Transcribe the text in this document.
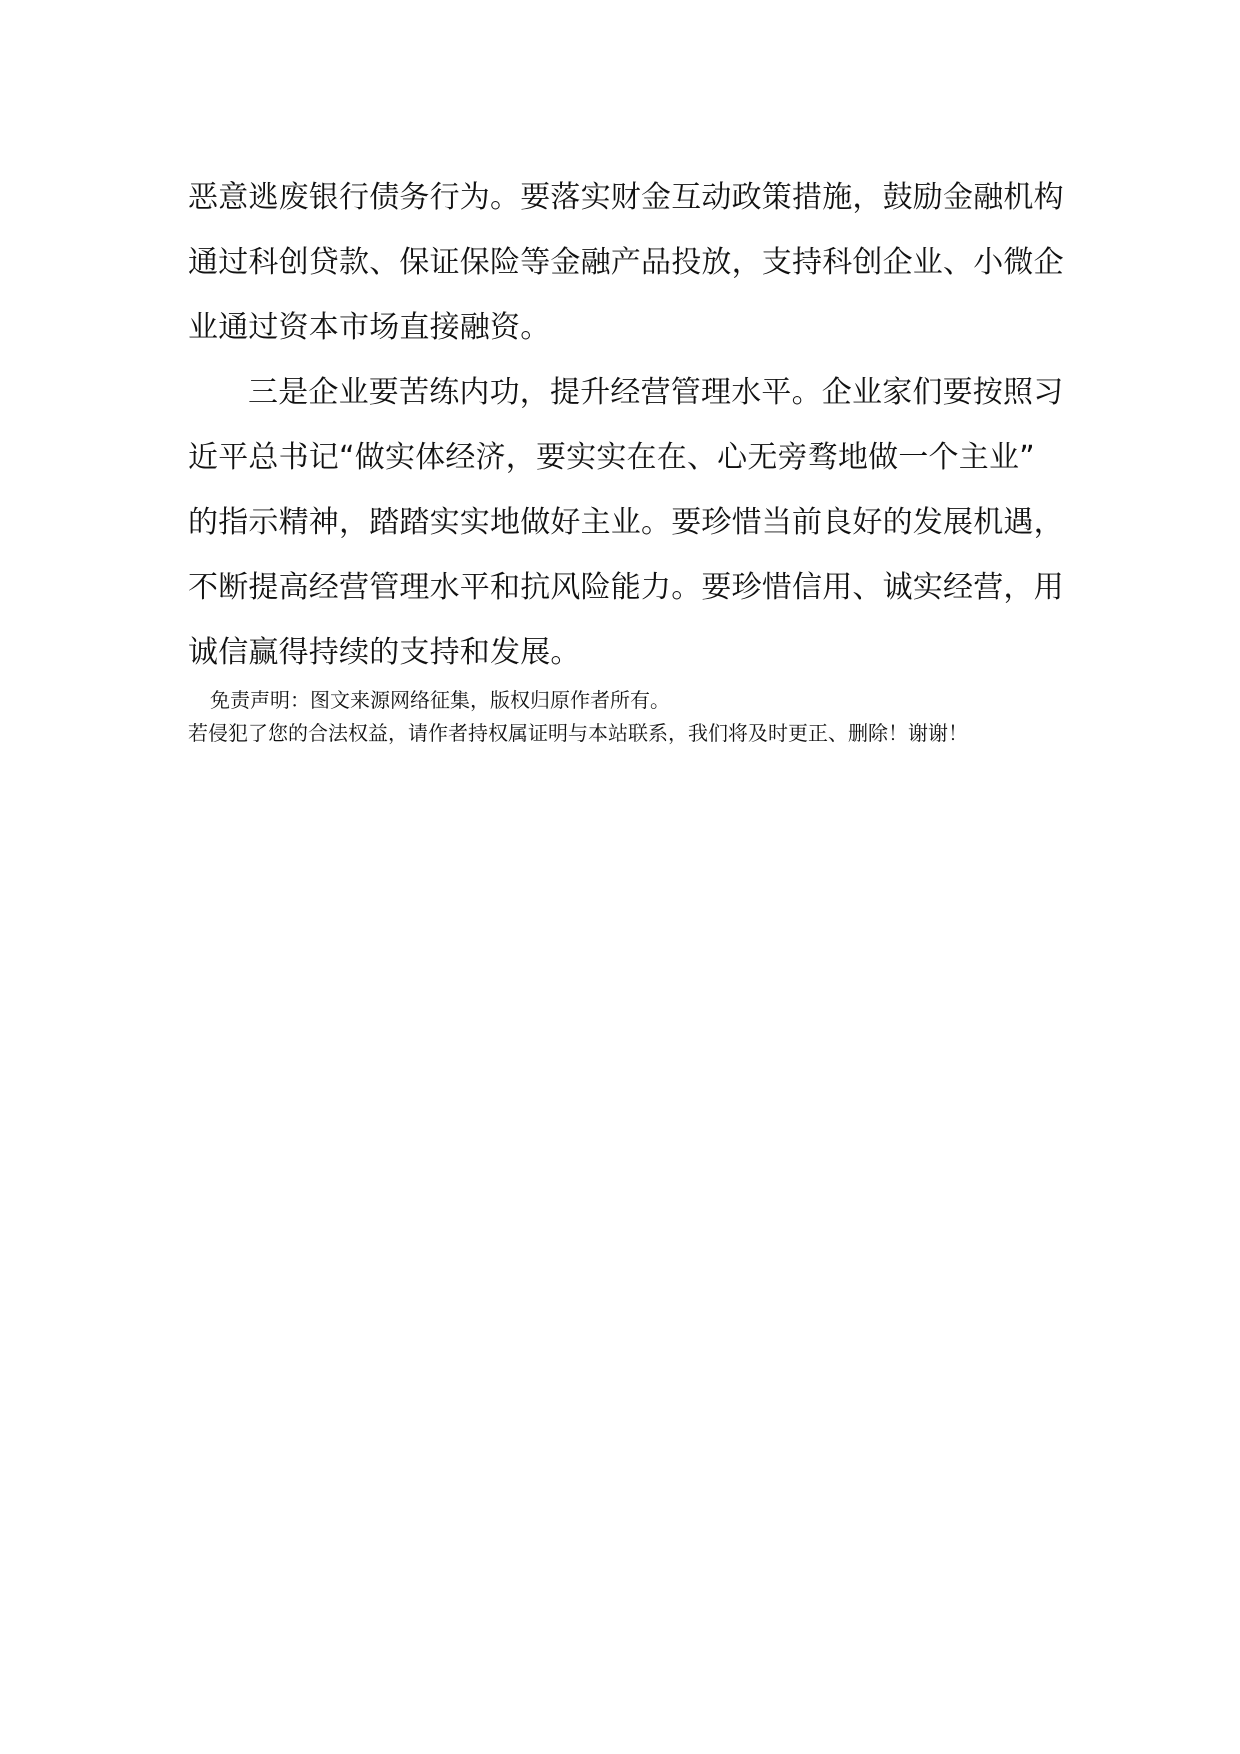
恶意逃废银行债务行为。要落实财金互动政策措施，鼓励金融机构
通过科创贷款、保证保险等金融产品投放，支持科创企业、小微企
业通过资本市场直接融资。
三是企业要苦练内功，提升经营管理水平。企业家们要按照习
近平总书记“做实体经济，要实实在在、心无旁骛地做一个主业”
的指示精神，踏踏实实地做好主业。要珍惜当前良好的发展机遇，
不断提高经营管理水平和抗风险能力。要珍惜信用、诚实经营，用
诚信赢得持续的支持和发展。
免责声明：图文来源网络征集，版权归原作者所有。
若侵犯了您的合法权益，请作者持权属证明与本站联系，我们将及时更正、删除！谢谢！
